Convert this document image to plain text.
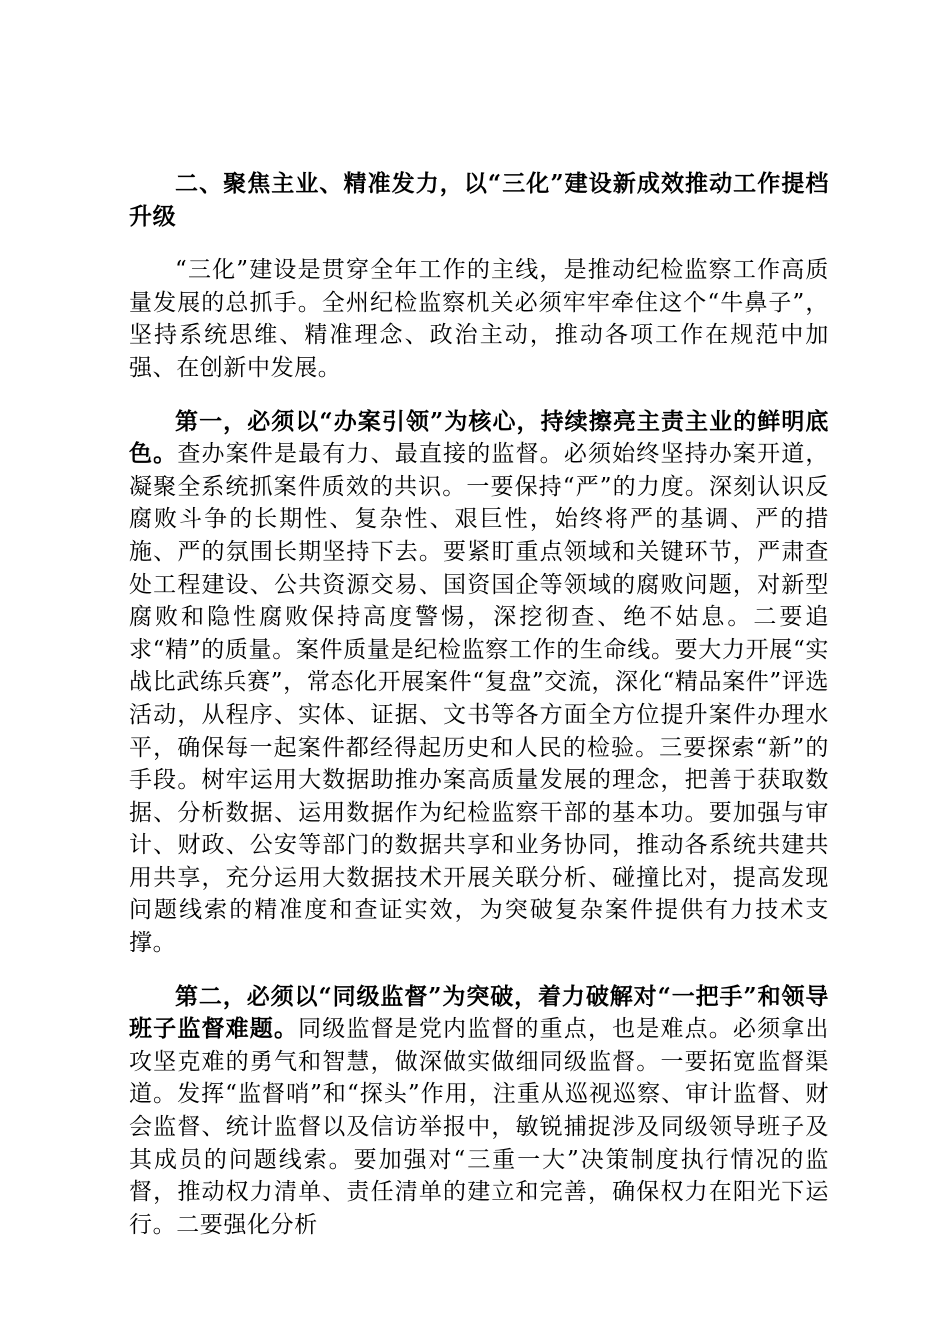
二、聚焦主业、精准发力，以“三化”建设新成效推动工作提档升级

“三化”建设是贯穿全年工作的主线，是推动纪检监察工作高质量发展的总抓手。全州纪检监察机关必须牢牢牵住这个“牛鼻子”，坚持系统思维、精准理念、政治主动，推动各项工作在规范中加强、在创新中发展。

第一，必须以“办案引领”为核心，持续擦亮主责主业的鲜明底色。查办案件是最有力、最直接的监督。必须始终坚持办案开道，凝聚全系统抓案件质效的共识。一要保持“严”的力度。深刻认识反腐败斗争的长期性、复杂性、艰巨性，始终将严的基调、严的措施、严的氛围长期坚持下去。要紧盯重点领域和关键环节，严肃查处工程建设、公共资源交易、国资国企等领域的腐败问题，对新型腐败和隐性腐败保持高度警惕，深挖彻查、绝不姑息。二要追求“精”的质量。案件质量是纪检监察工作的生命线。要大力开展“实战比武练兵赛”，常态化开展案件“复盘”交流，深化“精品案件”评选活动，从程序、实体、证据、文书等各方面全方位提升案件办理水平，确保每一起案件都经得起历史和人民的检验。三要探索“新”的手段。树牢运用大数据助推办案高质量发展的理念，把善于获取数据、分析数据、运用数据作为纪检监察干部的基本功。要加强与审计、财政、公安等部门的数据共享和业务协同，推动各系统共建共用共享，充分运用大数据技术开展关联分析、碰撞比对，提高发现问题线索的精准度和查证实效，为突破复杂案件提供有力技术支撑。

第二，必须以“同级监督”为突破，着力破解对“一把手”和领导班子监督难题。同级监督是党内监督的重点，也是难点。必须拿出攻坚克难的勇气和智慧，做深做实做细同级监督。一要拓宽监督渠道。发挥“监督哨”和“探头”作用，注重从巡视巡察、审计监督、财会监督、统计监督以及信访举报中，敏锐捕捉涉及同级领导班子及其成员的问题线索。要加强对“三重一大”决策制度执行情况的监督，推动权力清单、责任清单的建立和完善，确保权力在阳光下运行。二要强化分析
